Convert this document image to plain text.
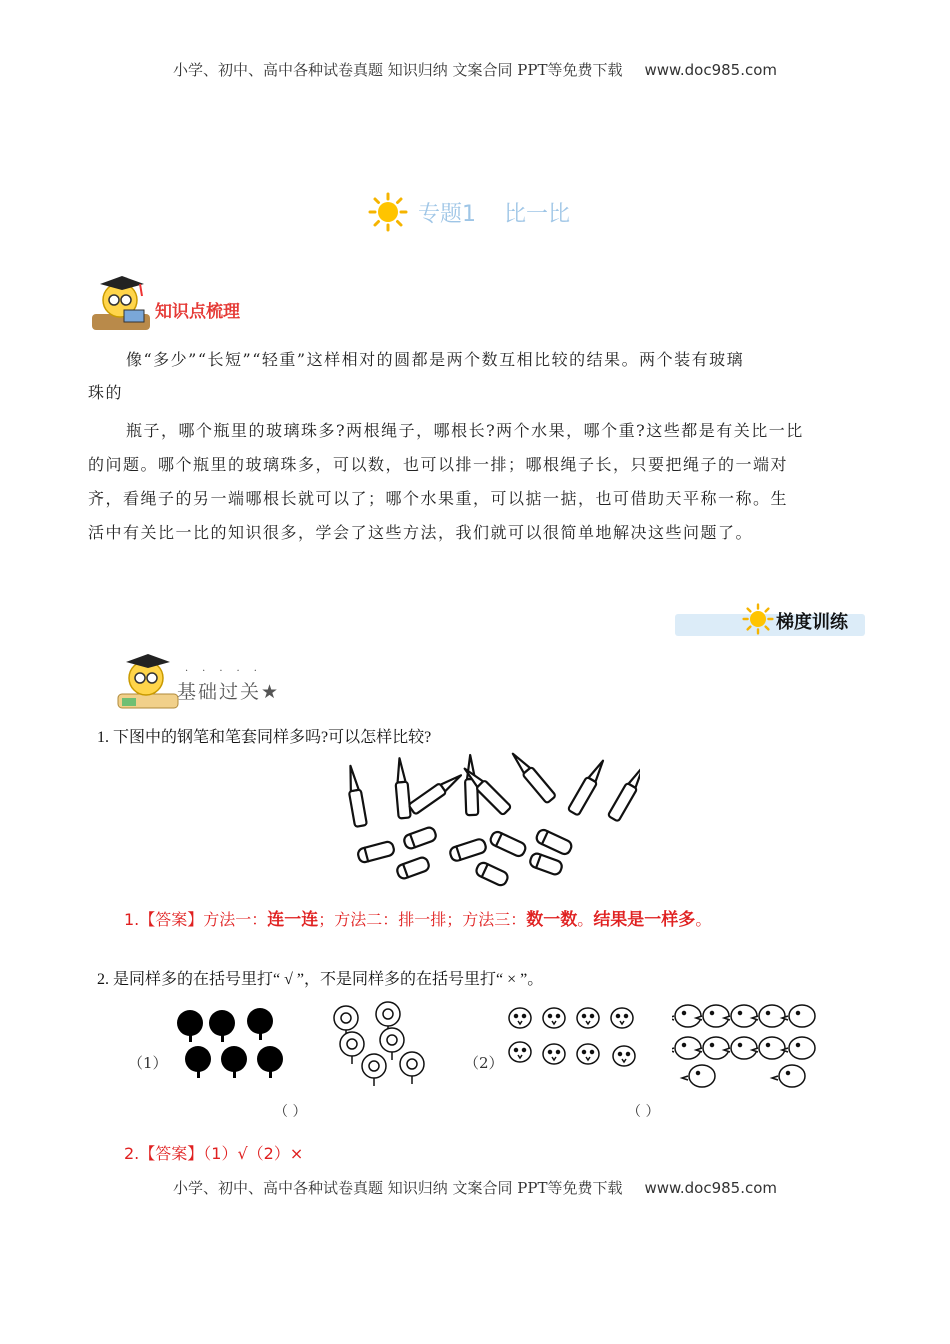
小学、初中、高中各种试卷真题 知识归纳 文案合同 PPT等免费下载 www.doc985.com
专题1 比一比
知识点梳理
像“多少”“长短”“轻重”这样相对的圆都是两个数互相比较的结果。两个装有玻璃
珠的
瓶子，哪个瓶里的玻璃珠多?两根绳子，哪根长?两个水果，哪个重?这些都是有关比一比
的问题。哪个瓶里的玻璃珠多，可以数，也可以排一排；哪根绳子长，只要把绳子的一端对
齐，看绳子的另一端哪根长就可以了；哪个水果重，可以掂一掂，也可借助天平称一称。生
活中有关比一比的知识很多，学会了这些方法，我们就可以很简单地解决这些问题了。
梯度训练
·····
基础过关★
1. 下图中的钢笔和笔套同样多吗?可以怎样比较?
1.【答案】方法一：连一连；方法二：排一排；方法三：数一数。结果是一样多。
2. 是同样多的在括号里打“ √ ”，不是同样多的在括号里打“ × ”。
（1）
（ ）
（2）
（ ）
2.【答案】（1）√（2）×
小学、初中、高中各种试卷真题 知识归纳 文案合同 PPT等免费下载 www.doc985.com
